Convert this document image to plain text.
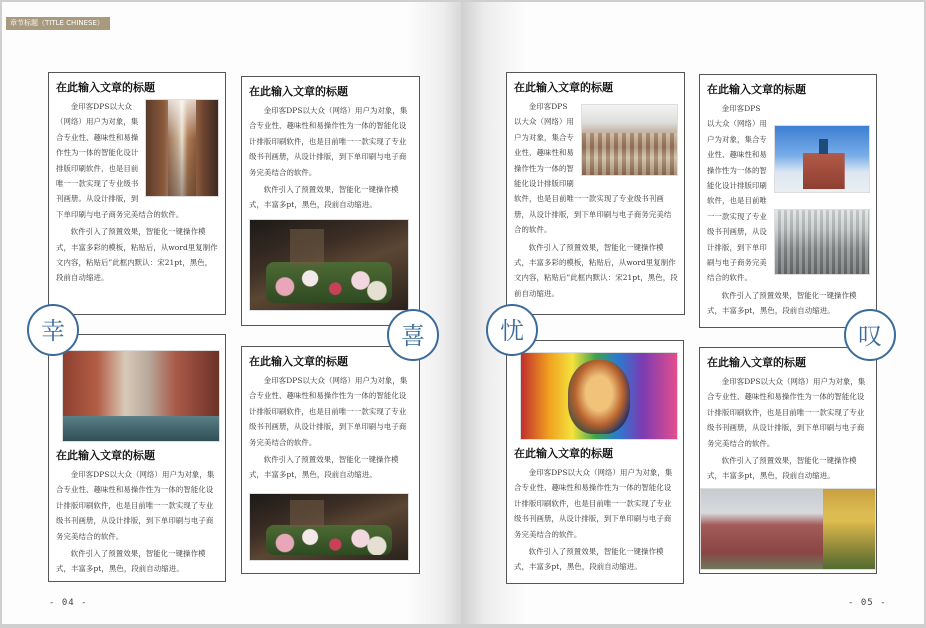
章节标题（TITLE CHINESE）
在此输入文章的标题

金印客DPS以大众（网络）用户为对象，集合专业性、趣味性和易操作性为一体的智能化设计排版印刷软件，也是目前唯一一款实现了专业级书刊画册。从设计排版，到下单印刷与电子商务完美结合的软件。

软件引入了预置效果，智能化一键操作模式，丰富多彩的模板，粘贴后，从word里复制作文内容，粘贴后”此框内默认：宋21pt，黑色，段前自动缩进。

在此输入文章的标题

金印客DPS以大众（网络）用户为对象，集合专业性、趣味性和易操作性为一体的智能化设计排版印刷软件，也是目前唯一一款实现了专业级书刊画册，从设计排版，到下单印刷与电子商务完美结合的软件。

软件引入了预置效果，智能化一键操作模式，丰富多pt，黑色，段前自动缩进。

在此输入文章的标题

金印客DPS以大众（网络）用户为对象，集合专业性、趣味性和易操作性为一体的智能化设计排版印刷软件，也是目前唯一一款实现了专业级书刊画册，从设计排版，到下单印刷与电子商务完美结合的软件。

软件引入了预置效果，智能化一键操作模式，丰富多pt，黑色，段前自动缩进。

在此输入文章的标题

金印客DPS以大众（网络）用户为对象，集合专业性、趣味性和易操作性为一体的智能化设计排版印刷软件，也是目前唯一一款实现了专业级书刊画册，从设计排版，到下单印刷与电子商务完美结合的软件。

软件引入了预置效果，智能化一键操作模式，丰富多pt，黑色，段前自动缩进。

幸	喜
- 04 -
在此输入文章的标题

金印客DPS以大众（网络）用户为对象，集合专业性、趣味性和易操作性为一体的智能化设计排版印刷软件，也是目前唯一一款实现了专业级书刊画册，从设计排版，到下单印刷与电子商务完美结合的软件。

软件引入了预置效果，智能化一键操作模式，丰富多彩的模板，粘贴后，从word里复制作文内容，粘贴后”此框内默认：宋21pt，黑色，段前自动缩进。

在此输入文章的标题

金印客DPS以大众（网络）用户为对象，集合专业性、趣味性和易操作性为一体的智能化设计排版印刷软件，也是目前唯一一款实现了专业级书刊画册，从设计排版，到下单印刷与电子商务完美结合的软件。

软件引入了预置效果，智能化一键操作模式，丰富多pt，黑色，段前自动缩进。

在此输入文章的标题

金印客DPS以大众（网络）用户为对象，集合专业性、趣味性和易操作性为一体的智能化设计排版印刷软件，也是目前唯一一款实现了专业级书刊画册，从设计排版，到下单印刷与电子商务完美结合的软件。

软件引入了预置效果，智能化一键操作模式，丰富多pt，黑色，段前自动缩进。

在此输入文章的标题

金印客DPS以大众（网络）用户为对象，集合专业性、趣味性和易操作性为一体的智能化设计排版印刷软件，也是目前唯一一款实现了专业级书刊画册，从设计排版，到下单印刷与电子商务完美结合的软件。

软件引入了预置效果，智能化一键操作模式，丰富多pt，黑色，段前自动缩进。

忧	叹
- 05 -
